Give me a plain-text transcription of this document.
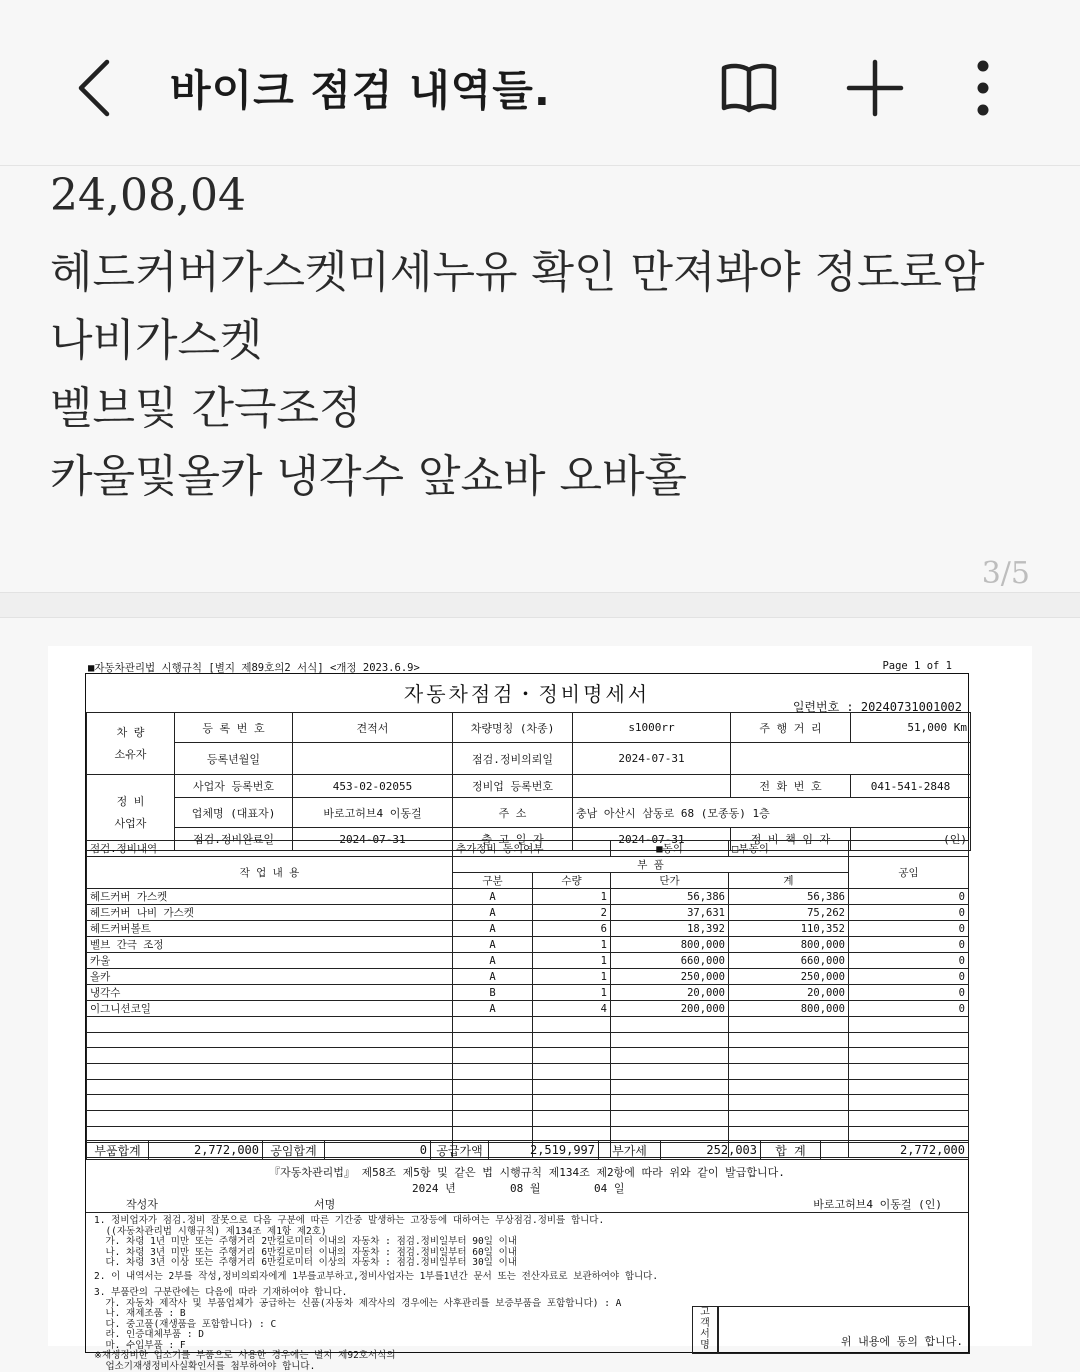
바이크 점검 내역들.
24,08,04
헤드커버가스켓미세누유 확인 만져봐야 정도로암
나비가스켓
벨브및 간극조정
카울및올카 냉각수 앞쇼바 오바홀
3/5
■자동차관리법 시행규칙 [별지 제89호의2 서식] <개정 2023.6.9>	Page 1 of 1
자동차점검・정비명세서
일련번호 : 20240731001002
차 량
소유자	등 록 번 호	견적서	차량명칭 (차종)	s1000rr	주 행 거 리	51,000 Km
	등록년월일		점검.정비의뢰일	2024-07-31		
정 비
사업자	사업자 등록번호	453-02-02055	정비업 등록번호		전 화 번 호	041-541-2848
	업체명 (대표자)	바로고허브4 이동걸	주 소	충남 아산시 삼동로 68 (모종동) 1층		
	점검.정비완료일	2024-07-31	출 고 일 자	2024-07-31	정 비 책 임 자	(인)
점검.정비내역	추가정비 동의여부		■동의	□부동의	
작 업 내 용	부 품				공임
	구분	수량	단가	계	
헤드커버 가스켓	A	1	56,386	56,386	0
헤드커버 나비 가스켓	A	2	37,631	75,262	0
헤드커버볼트	A	6	18,392	110,352	0
벨브 간극 조정	A	1	800,000	800,000	0
카울	A	1	660,000	660,000	0
올카	A	1	250,000	250,000	0
냉각수	B	1	20,000	20,000	0
이그니션코일	A	4	200,000	800,000	0

부품합계	2,772,000	공임합계	0	공급가액	2,519,997	부가세	252,003	합 계	2,772,000
『자동차관리법』 제58조 제5항 및 같은 법 시행규칙 제134조 제2항에 따라 위와 같이 발급합니다.
2024 년	08 월	04 일
작성자	서명	바로고허브4 이동걸 (인)
1. 정비업자가 점검.정비 잘못으로 다음 구분에 따른 기간중 발생하는 고장등에 대하여는 무상점검.정비를 합니다.
((자동차관리법 시행규칙) 제134조 제1항 제2호)
가. 차령 1년 미만 또는 주행거리 2만킬로미터 이내의 자동차 : 점검.정비일부터 90일 이내
나. 차령 3년 미만 또는 주행거리 6만킬로미터 이내의 자동차 : 점검.정비일부터 60일 이내
다. 차령 3년 이상 또는 주행거리 6만킬로미터 이상의 자동차 : 점검.정비일부터 30일 이내
2. 이 내역서는 2부를 작성,정비의뢰자에게 1부를교부하고,정비사업자는 1부를1년간 문서 또는 전산자료로 보관하여야 합니다.
3. 부품란의 구분란에는 다음에 따라 기재하여야 합니다.
가. 자동차 제작사 및 부품업체가 공급하는 신품(자동차 제작사의 경우에는 사후관리를 보증부품을 포함합니다) : A
나. 재제조품 : B
다. 중고품(재생품을 포함합니다) : C
라. 인증대체부품 : D
마. 수입부품 : F
※재생정비한 업소기를 부품으로 사용한 경우에는 별지 제92호서식의
업소기재생정비사실확인서를 첨부하여야 합니다.
고
객
서
명	위 내용에 동의 합니다.
